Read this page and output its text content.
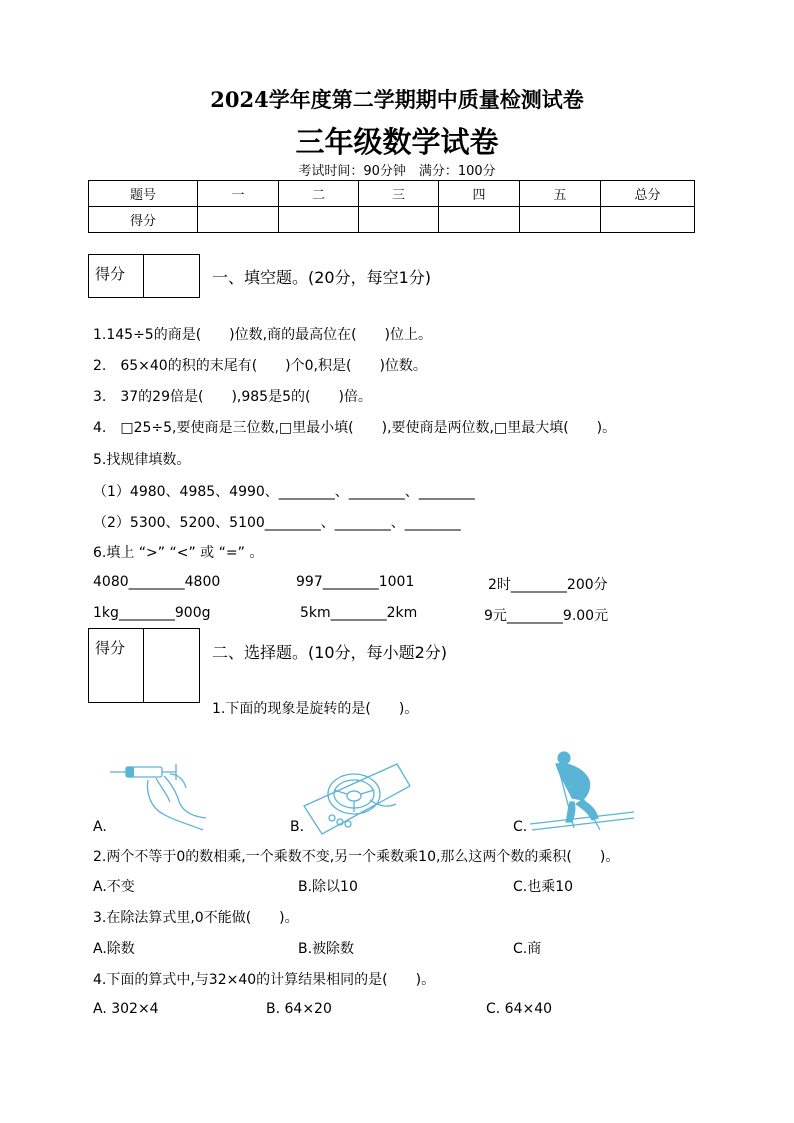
2024学年度第二学期期中质量检测试卷
三年级数学试卷
考试时间：90分钟　满分：100分
题号	一	二	三	四	五	总分
得分						
得分	一、填空题。(20分，每空1分)
1.145÷5的商是(　　)位数,商的最高位在(　　)位上。
2.　65×40的积的末尾有(　　)个0,积是(　　)位数。
3.　37的29倍是(　　),985是5的(　　)倍。
4.　□25÷5,要使商是三位数,□里最小填(　　),要使商是两位数,□里最大填(　　)。
5.找规律填数。
（1）4980、4985、4990、________、________、________
（2）5300、5200、5100________、________、________
6.填上 “>” “<” 或 “=” 。
4080________4800	997________1001	2时________200分
1kg________900g	5km________2km	9元________9.00元
得分	二、选择题。(10分，每小题2分)
1.下面的现象是旋转的是(　　)。
A.	B.	C.
2.两个不等于0的数相乘,一个乘数不变,另一个乘数乘10,那么这两个数的乘积(　　)。
A.不变	B.除以10	C.也乘10
3.在除法算式里,0不能做(　　)。
A.除数	B.被除数	C.商
4.下面的算式中,与32×40的计算结果相同的是(　　)。
A. 302×4	B. 64×20	C. 64×40
